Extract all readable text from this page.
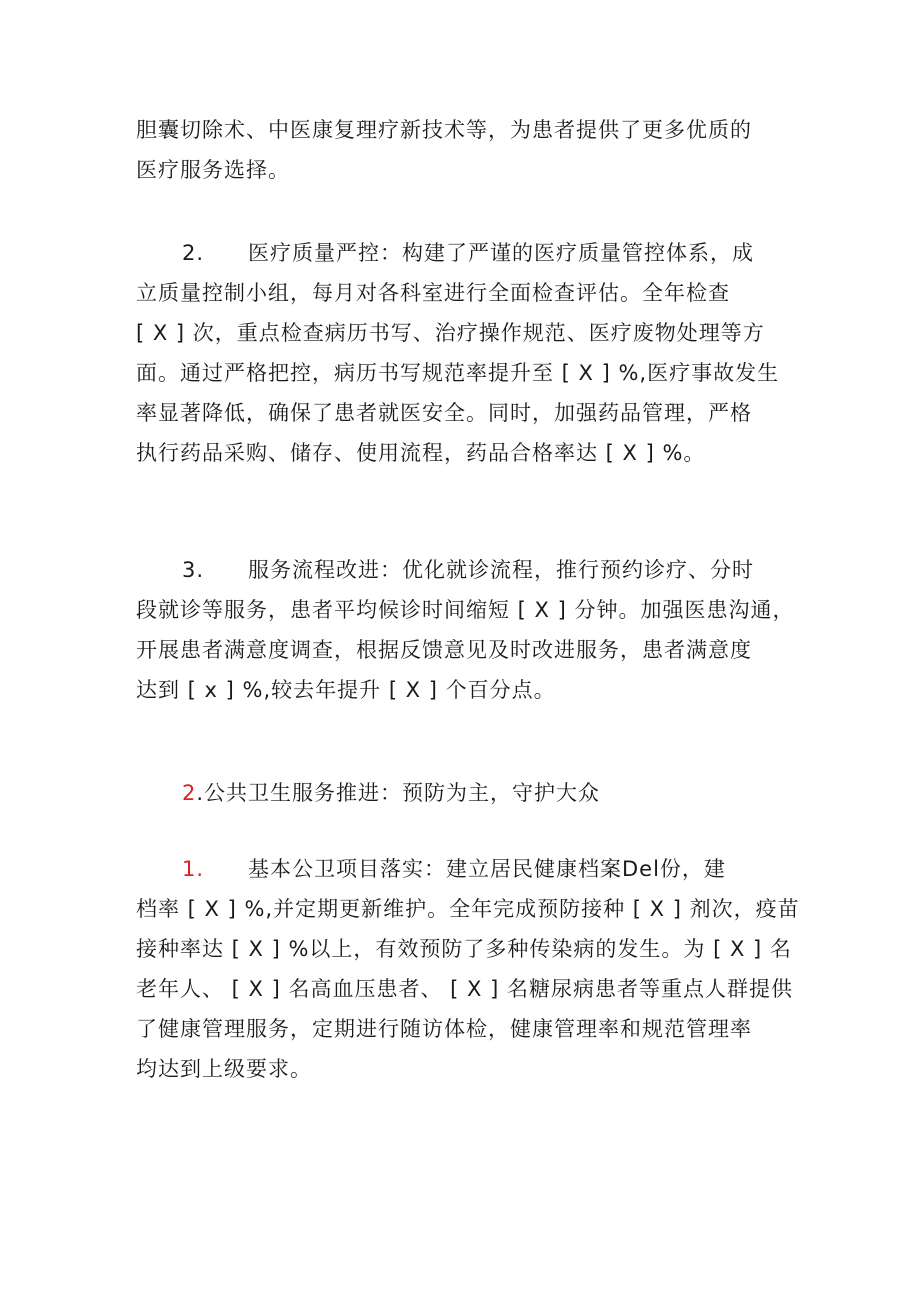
胆囊切除术、中医康复理疗新技术等，为患者提供了更多优质的
医疗服务选择。

2. 医疗质量严控：构建了严谨的医疗质量管控体系，成
立质量控制小组，每月对各科室进行全面检查评估。全年检查
[ X ] 次，重点检查病历书写、治疗操作规范、医疗废物处理等方
面。通过严格把控，病历书写规范率提升至 [ X ] %,医疗事故发生
率显著降低，确保了患者就医安全。同时，加强药品管理，严格
执行药品采购、储存、使用流程，药品合格率达 [ X ] %。

3. 服务流程改进：优化就诊流程，推行预约诊疗、分时
段就诊等服务，患者平均候诊时间缩短 [ X ] 分钟。加强医患沟通，
开展患者满意度调查，根据反馈意见及时改进服务，患者满意度
达到 [ x ] %,较去年提升 [ X ] 个百分点。

2.公共卫生服务推进：预防为主，守护大众

1. 基本公卫项目落实：建立居民健康档案Del份，建
档率 [ X ] %,并定期更新维护。全年完成预防接种 [ X ] 剂次，疫苗
接种率达 [ X ] %以上，有效预防了多种传染病的发生。为 [ X ] 名
老年人、 [ X ] 名高血压患者、 [ X ] 名糖尿病患者等重点人群提供
了健康管理服务，定期进行随访体检，健康管理率和规范管理率
均达到上级要求。
